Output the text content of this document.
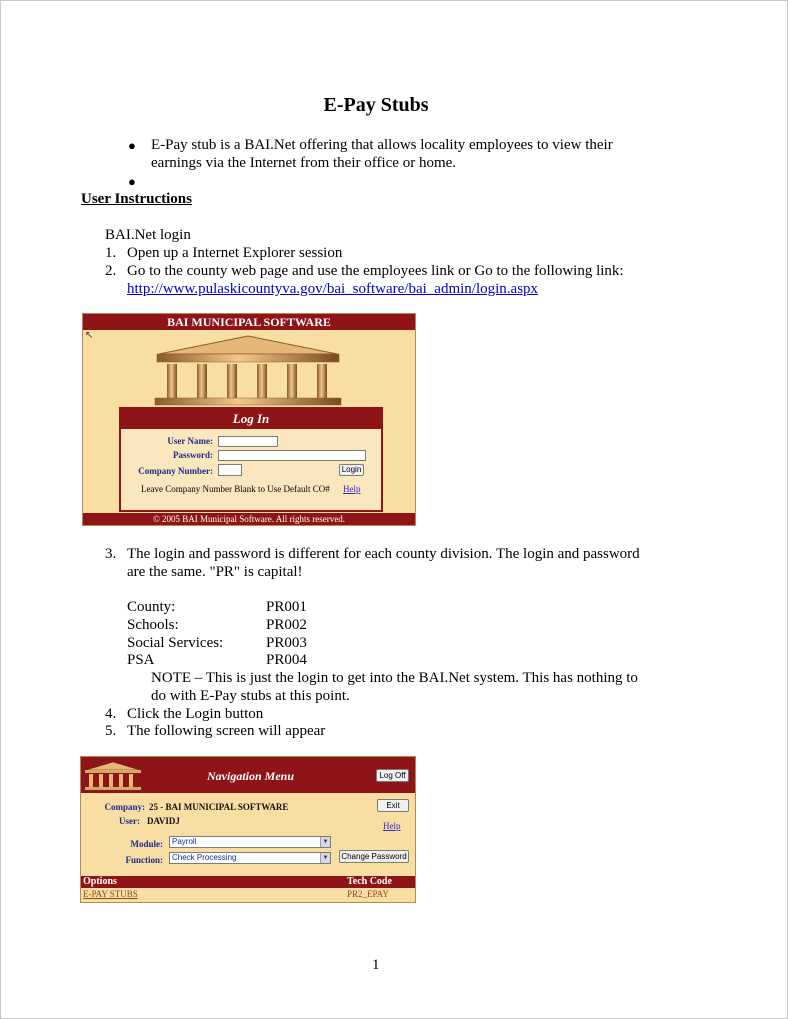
E-Pay Stubs
● E-Pay stub is a BAI.Net offering that allows locality employees to view their
earnings via the Internet from their office or home.
●
User Instructions
BAI.Net login
1. Open up a Internet Explorer session
2. Go to the county web page and use the employees link or Go to the following link:
http://www.pulaskicountyva.gov/bai_software/bai_admin/login.aspx
BAI MUNICIPAL SOFTWARE
↖
Log In
User Name:
Password:
Company Number:	Login
Leave Company Number Blank to Use Default CO# Help
© 2005 BAI Municipal Software. All rights reserved.
3. The login and password is different for each county division. The login and password
are the same. "PR" is capital!
County:	PR001
Schools:	PR002
Social Services:	PR003
PSA	PR004
NOTE – This is just the login to get into the BAI.Net system. This has nothing to
do with E-Pay stubs at this point.
4. Click the Login button
5. The following screen will appear
Navigation Menu	Log Off
Company: 25 - BAI MUNICIPAL SOFTWARE	Exit
User: DAVIDJ	Help
Module:	Payroll	▼
Function:	Check Processing	▼ Change Password
Options	Tech Code
E-PAY STUBS	PR2_EPAY
1
